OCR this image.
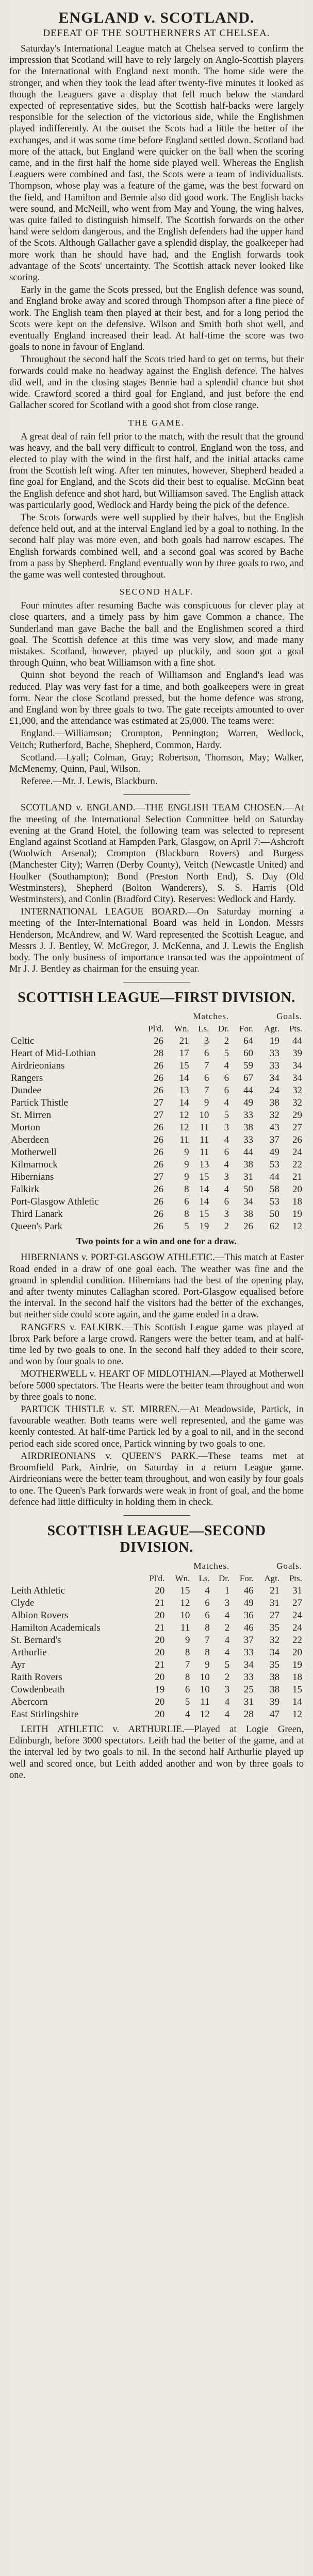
ENGLAND v. SCOTLAND.
DEFEAT OF THE SOUTHERNERS AT CHELSEA.

Saturday's International League match at Chelsea served to confirm the impression that Scotland will have to rely largely on Anglo-Scottish players for the International with England next month. The home side were the stronger, and when they took the lead after twenty-five minutes it looked as though the Leaguers gave a display that fell much below the standard expected of representative sides, but the Scottish half-backs were largely responsible for the selection of the victorious side, while the Englishmen played indifferently. At the outset the Scots had a little the better of the exchanges, and it was some time before England settled down. Scotland had more of the attack, but England were quicker on the ball when the scoring came, and in the first half the home side played well. Whereas the English Leaguers were combined and fast, the Scots were a team of individualists. Thompson, whose play was a feature of the game, was the best forward on the field, and Hamilton and Bennie also did good work. The English backs were sound, and McNeill, who went from May and Young, the wing halves, was quite failed to distinguish himself. The Scottish forwards on the other hand were seldom dangerous, and the English defenders had the upper hand of the Scots. Although Gallacher gave a splendid display, the goalkeeper had more work than he should have had, and the English forwards took advantage of the Scots' uncertainty. The Scottish attack never looked like scoring.

Early in the game the Scots pressed, but the English defence was sound, and England broke away and scored through Thompson after a fine piece of work. The English team then played at their best, and for a long period the Scots were kept on the defensive. Wilson and Smith both shot well, and eventually England increased their lead. At half-time the score was two goals to none in favour of England.

Throughout the second half the Scots tried hard to get on terms, but their forwards could make no headway against the English defence. The halves did well, and in the closing stages Bennie had a splendid chance but shot wide. Crawford scored a third goal for England, and just before the end Gallacher scored for Scotland with a good shot from close range.

THE GAME.

A great deal of rain fell prior to the match, with the result that the ground was heavy, and the ball very difficult to control. England won the toss, and elected to play with the wind in the first half, and the initial attacks came from the Scottish left wing. After ten minutes, however, Shepherd headed a fine goal for England, and the Scots did their best to equalise. McGinn beat the English defence and shot hard, but Williamson saved. The English attack was particularly good, Wedlock and Hardy being the pick of the defence.

The Scots forwards were well supplied by their halves, but the English defence held out, and at the interval England led by a goal to nothing. In the second half play was more even, and both goals had narrow escapes. The English forwards combined well, and a second goal was scored by Bache from a pass by Shepherd. England eventually won by three goals to two, and the game was well contested throughout.

SECOND HALF.

Four minutes after resuming Bache was conspicuous for clever play at close quarters, and a timely pass by him gave Common a chance. The Sunderland man gave Bache the ball and the Englishmen scored a third goal. The Scottish defence at this time was very slow, and made many mistakes. Scotland, however, played up pluckily, and soon got a goal through Quinn, who beat Williamson with a fine shot.

Quinn shot beyond the reach of Williamson and England's lead was reduced. Play was very fast for a time, and both goalkeepers were in great form. Near the close Scotland pressed, but the home defence was strong, and England won by three goals to two. The gate receipts amounted to over £1,000, and the attendance was estimated at 25,000. The teams were:

England.—Williamson; Crompton, Pennington; Warren, Wedlock, Veitch; Rutherford, Bache, Shepherd, Common, Hardy.

Scotland.—Lyall; Colman, Gray; Robertson, Thomson, May; Walker, McMenemy, Quinn, Paul, Wilson.

Referee.—Mr. J. Lewis, Blackburn.

SCOTLAND v. ENGLAND.—THE ENGLISH TEAM CHOSEN.—At the meeting of the International Selection Committee held on Saturday evening at the Grand Hotel, the following team was selected to represent England against Scotland at Hampden Park, Glasgow, on April 7:—Ashcroft (Woolwich Arsenal); Crompton (Blackburn Rovers) and Burgess (Manchester City); Warren (Derby County), Veitch (Newcastle United) and Houlker (Southampton); Bond (Preston North End), S. Day (Old Westminsters), Shepherd (Bolton Wanderers), S. S. Harris (Old Westminsters), and Conlin (Bradford City). Reserves: Wedlock and Hardy.

INTERNATIONAL LEAGUE BOARD.—On Saturday morning a meeting of the Inter-International Board was held in London. Messrs Henderson, McAndrew, and W. Ward represented the Scottish League, and Messrs J. J. Bentley, W. McGregor, J. McKenna, and J. Lewis the English body. The only business of importance transacted was the appointment of Mr J. J. Bentley as chairman for the ensuing year.

SCOTTISH LEAGUE—FIRST DIVISION.
	Matches.				Goals.		
	Pl'd.	Wn.	Ls.	Dr.	For.	Agt.	Pts.
Celtic	26	21	3	2	64	19	44
Heart of Mid-Lothian	28	17	6	5	60	33	39
Airdrieonians	26	15	7	4	59	33	34
Rangers	26	14	6	6	67	34	34
Dundee	26	13	7	6	44	24	32
Partick Thistle	27	14	9	4	49	38	32
St. Mirren	27	12	10	5	33	32	29
Morton	26	12	11	3	38	43	27
Aberdeen	26	11	11	4	33	37	26
Motherwell	26	9	11	6	44	49	24
Kilmarnock	26	9	13	4	38	53	22
Hibernians	27	9	15	3	31	44	21
Falkirk	26	8	14	4	50	58	20
Port-Glasgow Athletic	26	6	14	6	34	53	18
Third Lanark	26	8	15	3	38	50	19
Queen's Park	26	5	19	2	26	62	12
Two points for a win and one for a draw.

HIBERNIANS v. PORT-GLASGOW ATHLETIC.—This match at Easter Road ended in a draw of one goal each. The weather was fine and the ground in splendid condition. Hibernians had the best of the opening play, and after twenty minutes Callaghan scored. Port-Glasgow equalised before the interval. In the second half the visitors had the better of the exchanges, but neither side could score again, and the game ended in a draw.

RANGERS v. FALKIRK.—This Scottish League game was played at Ibrox Park before a large crowd. Rangers were the better team, and at half-time led by two goals to one. In the second half they added to their score, and won by four goals to one.

MOTHERWELL v. HEART OF MIDLOTHIAN.—Played at Motherwell before 5000 spectators. The Hearts were the better team throughout and won by three goals to none.

PARTICK THISTLE v. ST. MIRREN.—At Meadowside, Partick, in favourable weather. Both teams were well represented, and the game was keenly contested. At half-time Partick led by a goal to nil, and in the second period each side scored once, Partick winning by two goals to one.

AIRDRIEONIANS v. QUEEN'S PARK.—These teams met at Broomfield Park, Airdrie, on Saturday in a return League game. Airdrieonians were the better team throughout, and won easily by four goals to one. The Queen's Park forwards were weak in front of goal, and the home defence had little difficulty in holding them in check.

SCOTTISH LEAGUE—SECOND DIVISION.
	Matches.				Goals.		
	Pl'd.	Wn.	Ls.	Dr.	For.	Agt.	Pts.
Leith Athletic	20	15	4	1	46	21	31
Clyde	21	12	6	3	49	31	27
Albion Rovers	20	10	6	4	36	27	24
Hamilton Academicals	21	11	8	2	46	35	24
St. Bernard's	20	9	7	4	37	32	22
Arthurlie	20	8	8	4	33	34	20
Ayr	21	7	9	5	34	35	19
Raith Rovers	20	8	10	2	33	38	18
Cowdenbeath	19	6	10	3	25	38	15
Abercorn	20	5	11	4	31	39	14
East Stirlingshire	20	4	12	4	28	47	12

LEITH ATHLETIC v. ARTHURLIE.—Played at Logie Green, Edinburgh, before 3000 spectators. Leith had the better of the game, and at the interval led by two goals to nil. In the second half Arthurlie played up well and scored once, but Leith added another and won by three goals to one.
